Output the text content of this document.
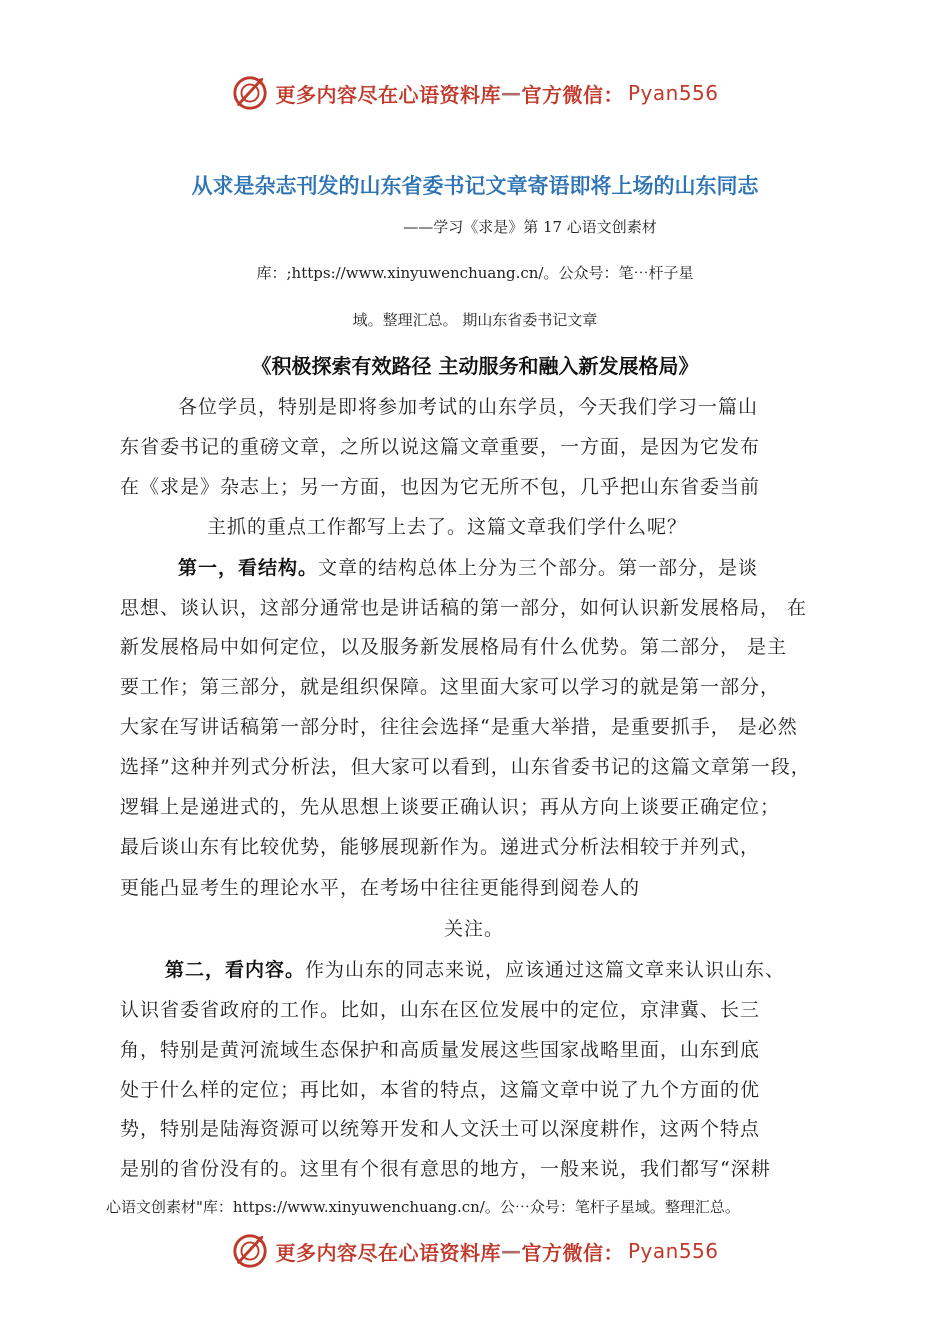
更多内容尽在心语资料库 — 官方微信： Pyan556
从求是杂志刊发的山东省委书记文章寄语即将上场的山东同志
——学习《求是》第 17 心语文创素材
库：;https://www.xinyuwenchuang.cn/。公众号：笔⋯杆子星
域。整理汇总。 期山东省委书记文章
《积极探索有效路径 主动服务和融入新发展格局》
各位学员，特别是即将参加考试的山东学员，今天我们学习一篇山
东省委书记的重磅文章，之所以说这篇文章重要，一方面，是因为它发布
在《求是》杂志上；另一方面，也因为它无所不包，几乎把山东省委当前
主抓的重点工作都写上去了。这篇文章我们学什么呢？
第一，看结构。文章的结构总体上分为三个部分。第一部分，是谈
思想、谈认识，这部分通常也是讲话稿的第一部分，如何认识新发展格局， 在
新发展格局中如何定位，以及服务新发展格局有什么优势。第二部分， 是主
要工作；第三部分，就是组织保障。这里面大家可以学习的就是第一部分，
大家在写讲话稿第一部分时，往往会选择“是重大举措，是重要抓手， 是必然
选择”这种并列式分析法，但大家可以看到，山东省委书记的这篇文章第一段，
逻辑上是递进式的，先从思想上谈要正确认识；再从方向上谈要正确定位；
最后谈山东有比较优势，能够展现新作为。递进式分析法相较于并列式，
更能凸显考生的理论水平，在考场中往往更能得到阅卷人的
关注。
第二，看内容。作为山东的同志来说，应该通过这篇文章来认识山东、
认识省委省政府的工作。比如，山东在区位发展中的定位，京津冀、长三
角，特别是黄河流域生态保护和高质量发展这些国家战略里面，山东到底
处于什么样的定位；再比如，本省的特点，这篇文章中说了九个方面的优
势，特别是陆海资源可以统筹开发和人文沃土可以深度耕作，这两个特点
是别的省份没有的。这里有个很有意思的地方，一般来说，我们都写“深耕
心语文创素材"库：https://www.xinyuwenchuang.cn/。公⋯众号：笔杆子星域。整理汇总。
更多内容尽在心语资料库 — 官方微信： Pyan556
